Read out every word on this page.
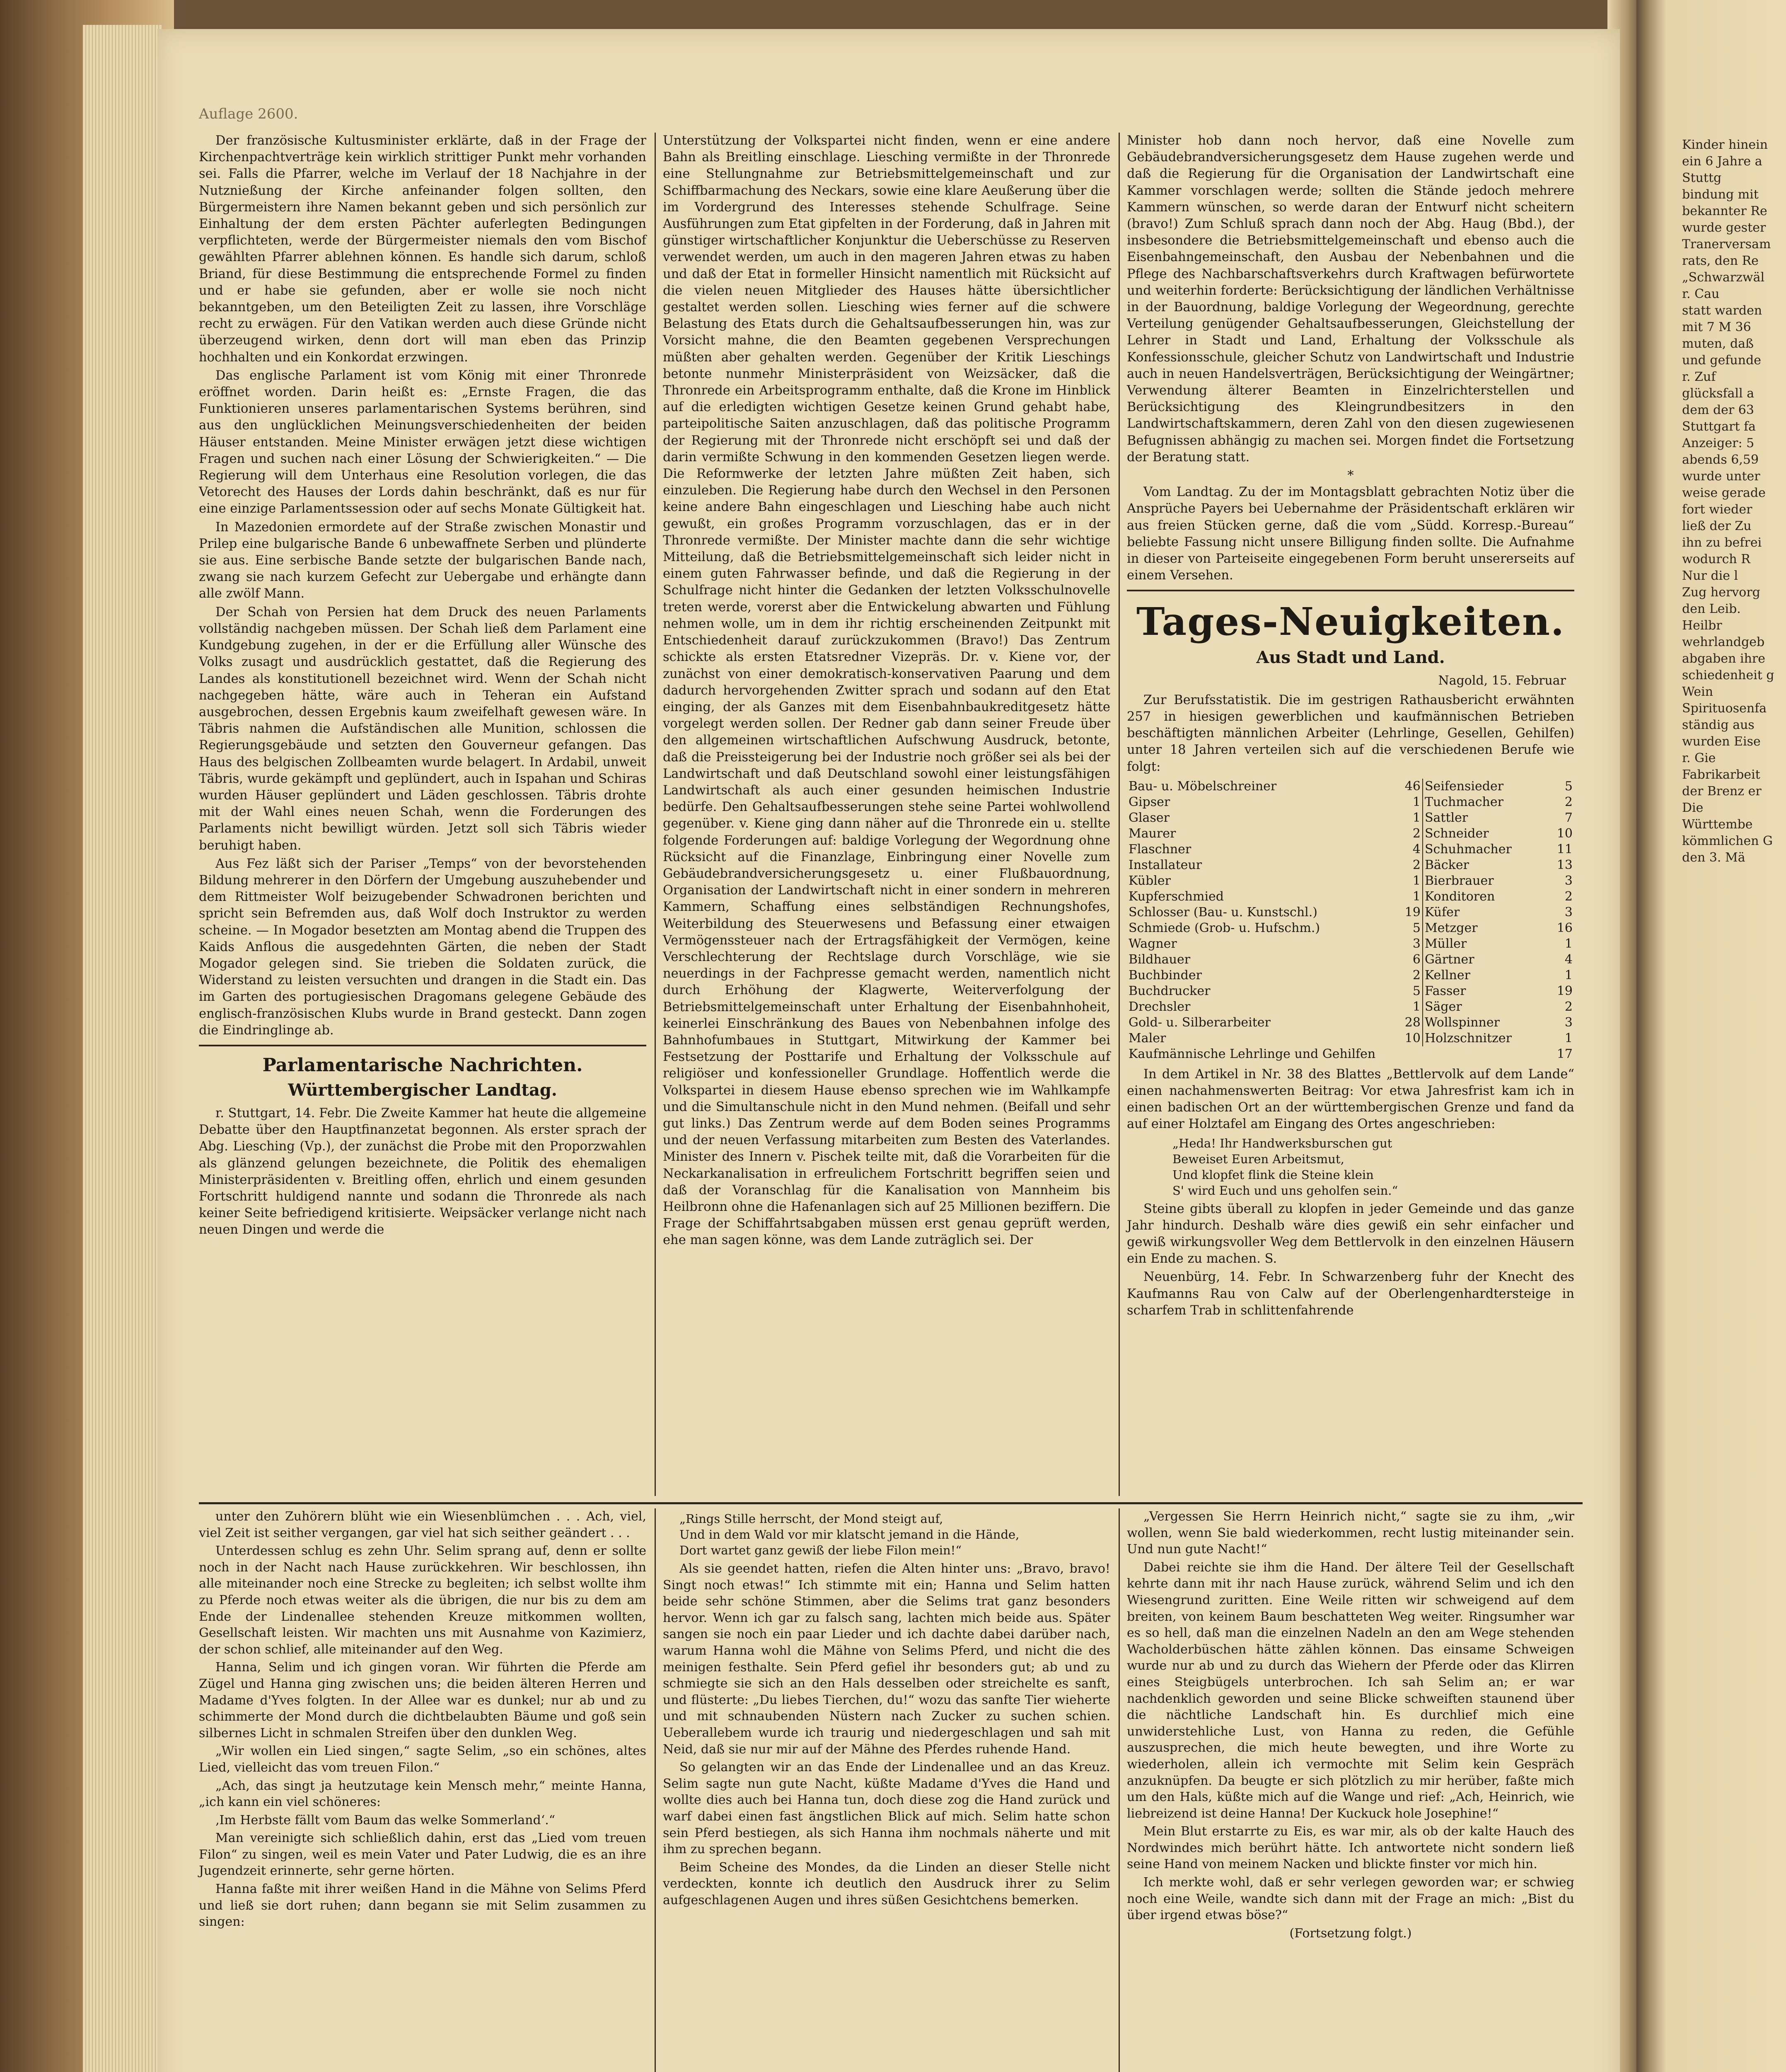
Kinder hinein
ein 6 Jahre a
Stuttg
bindung mit
bekannter Re
wurde gester
Tranerversam
rats, den Re
„Schwarzwäl
r. Cau
statt warden
mit 7 M 36
muten, daß
und gefunde
r. Zuf
glücksfall a
dem der 63
Stuttgart fa
Anzeiger: 5
abends 6,59
wurde unter
weise gerade
fort wieder
ließ der Zu
ihn zu befrei
wodurch R
Nur die l
Zug hervorg
den Leib.
Heilbr
wehrlandgeb
abgaben ihre
schiedenheit g
Wein
Spirituosenfa
ständig aus
wurden Eise
r. Gie
Fabrikarbeit
der Brenz er
Die
Württembe
kömmlichen G
den 3. Mä
Auflage 2600.

Der französische Kultusminister erklärte, daß in der Frage der Kirchenpachtverträge kein wirklich strittiger Punkt mehr vorhanden sei. Falls die Pfarrer, welche im Verlauf der 18 Nachjahre in der Nutznießung der Kirche anfeinander folgen sollten, den Bürgermeistern ihre Namen bekannt geben und sich persönlich zur Einhaltung der dem ersten Pächter auferlegten Bedingungen verpflichteten, werde der Bürgermeister niemals den vom Bischof gewählten Pfarrer ablehnen können. Es handle sich darum, schloß Briand, für diese Bestimmung die entsprechende Formel zu finden und er habe sie gefunden, aber er wolle sie noch nicht bekanntgeben, um den Beteiligten Zeit zu lassen, ihre Vorschläge recht zu erwägen. Für den Vatikan werden auch diese Gründe nicht überzeugend wirken, denn dort will man eben das Prinzip hochhalten und ein Konkordat erzwingen.

Das englische Parlament ist vom König mit einer Thronrede eröffnet worden. Darin heißt es: „Ernste Fragen, die das Funktionieren unseres parlamentarischen Systems berühren, sind aus den unglücklichen Meinungsverschiedenheiten der beiden Häuser entstanden. Meine Minister erwägen jetzt diese wichtigen Fragen und suchen nach einer Lösung der Schwierigkeiten.“ — Die Regierung will dem Unterhaus eine Resolution vorlegen, die das Vetorecht des Hauses der Lords dahin beschränkt, daß es nur für eine einzige Parlamentssession oder auf sechs Monate Gültigkeit hat.

In Mazedonien ermordete auf der Straße zwischen Monastir und Prilep eine bulgarische Bande 6 unbewaffnete Serben und plünderte sie aus. Eine serbische Bande setzte der bulgarischen Bande nach, zwang sie nach kurzem Gefecht zur Uebergabe und erhängte dann alle zwölf Mann.

Der Schah von Persien hat dem Druck des neuen Parlaments vollständig nachgeben müssen. Der Schah ließ dem Parlament eine Kundgebung zugehen, in der er die Erfüllung aller Wünsche des Volks zusagt und ausdrücklich gestattet, daß die Regierung des Landes als konstitutionell bezeichnet wird. Wenn der Schah nicht nachgegeben hätte, wäre auch in Teheran ein Aufstand ausgebrochen, dessen Ergebnis kaum zweifelhaft gewesen wäre. In Täbris nahmen die Aufständischen alle Munition, schlossen die Regierungsgebäude und setzten den Gouverneur gefangen. Das Haus des belgischen Zollbeamten wurde belagert. In Ardabil, unweit Täbris, wurde gekämpft und geplündert, auch in Ispahan und Schiras wurden Häuser geplündert und Läden geschlossen. Täbris drohte mit der Wahl eines neuen Schah, wenn die Forderungen des Parlaments nicht bewilligt würden. Jetzt soll sich Täbris wieder beruhigt haben.

Aus Fez läßt sich der Pariser „Temps“ von der bevorstehenden Bildung mehrerer in den Dörfern der Umgebung auszuhebender und dem Rittmeister Wolf beizugebender Schwadronen berichten und spricht sein Befremden aus, daß Wolf doch Instruktor zu werden scheine. — In Mogador besetzten am Montag abend die Truppen des Kaids Anflous die ausgedehnten Gärten, die neben der Stadt Mogador gelegen sind. Sie trieben die Soldaten zurück, die Widerstand zu leisten versuchten und drangen in die Stadt ein. Das im Garten des portugiesischen Dragomans gelegene Gebäude des englisch-französischen Klubs wurde in Brand gesteckt. Dann zogen die Eindringlinge ab.

Parlamentarische Nachrichten.
Württembergischer Landtag.

r. Stuttgart, 14. Febr. Die Zweite Kammer hat heute die allgemeine Debatte über den Hauptfinanzetat begonnen. Als erster sprach der Abg. Liesching (Vp.), der zunächst die Probe mit den Proporzwahlen als glänzend gelungen bezeichnete, die Politik des ehemaligen Ministerpräsidenten v. Breitling offen, ehrlich und einem gesunden Fortschritt huldigend nannte und sodann die Thronrede als nach keiner Seite befriedigend kritisierte. Weipsäcker verlange nicht nach neuen Dingen und werde die

Unterstützung der Volkspartei nicht finden, wenn er eine andere Bahn als Breitling einschlage. Liesching vermißte in der Thronrede eine Stellungnahme zur Betriebsmittelgemeinschaft und zur Schiffbarmachung des Neckars, sowie eine klare Aeußerung über die im Vordergrund des Interesses stehende Schulfrage. Seine Ausführungen zum Etat gipfelten in der Forderung, daß in Jahren mit günstiger wirtschaftlicher Konjunktur die Ueberschüsse zu Reserven verwendet werden, um auch in den mageren Jahren etwas zu haben und daß der Etat in formeller Hinsicht namentlich mit Rücksicht auf die vielen neuen Mitglieder des Hauses hätte übersichtlicher gestaltet werden sollen. Liesching wies ferner auf die schwere Belastung des Etats durch die Gehaltsaufbesserungen hin, was zur Vorsicht mahne, die den Beamten gegebenen Versprechungen müßten aber gehalten werden. Gegenüber der Kritik Lieschings betonte nunmehr Ministerpräsident von Weizsäcker, daß die Thronrede ein Arbeitsprogramm enthalte, daß die Krone im Hinblick auf die erledigten wichtigen Gesetze keinen Grund gehabt habe, parteipolitische Saiten anzuschlagen, daß das politische Programm der Regierung mit der Thronrede nicht erschöpft sei und daß der darin vermißte Schwung in den kommenden Gesetzen liegen werde. Die Reformwerke der letzten Jahre müßten Zeit haben, sich einzuleben. Die Regierung habe durch den Wechsel in den Personen keine andere Bahn eingeschlagen und Liesching habe auch nicht gewußt, ein großes Programm vorzuschlagen, das er in der Thronrede vermißte. Der Minister machte dann die sehr wichtige Mitteilung, daß die Betriebsmittelgemeinschaft sich leider nicht in einem guten Fahrwasser befinde, und daß die Regierung in der Schulfrage nicht hinter die Gedanken der letzten Volksschulnovelle treten werde, vorerst aber die Entwickelung abwarten und Fühlung nehmen wolle, um in dem ihr richtig erscheinenden Zeitpunkt mit Entschiedenheit darauf zurückzukommen (Bravo!) Das Zentrum schickte als ersten Etatsredner Vizepräs. Dr. v. Kiene vor, der zunächst von einer demokratisch-konservativen Paarung und dem dadurch hervorgehenden Zwitter sprach und sodann auf den Etat einging, der als Ganzes mit dem Eisenbahnbaukreditgesetz hätte vorgelegt werden sollen. Der Redner gab dann seiner Freude über den allgemeinen wirtschaftlichen Aufschwung Ausdruck, betonte, daß die Preissteigerung bei der Industrie noch größer sei als bei der Landwirtschaft und daß Deutschland sowohl einer leistungsfähigen Landwirtschaft als auch einer gesunden heimischen Industrie bedürfe. Den Gehaltsaufbesserungen stehe seine Partei wohlwollend gegenüber. v. Kiene ging dann näher auf die Thronrede ein u. stellte folgende Forderungen auf: baldige Vorlegung der Wegordnung ohne Rücksicht auf die Finanzlage, Einbringung einer Novelle zum Gebäudebrandversicherungsgesetz u. einer Flußbauordnung, Organisation der Landwirtschaft nicht in einer sondern in mehreren Kammern, Schaffung eines selbständigen Rechnungshofes, Weiterbildung des Steuerwesens und Befassung einer etwaigen Vermögenssteuer nach der Ertragsfähigkeit der Vermögen, keine Verschlechterung der Rechtslage durch Vorschläge, wie sie neuerdings in der Fachpresse gemacht werden, namentlich nicht durch Erhöhung der Klagwerte, Weiterverfolgung der Betriebsmittelgemeinschaft unter Erhaltung der Eisenbahnhoheit, keinerlei Einschränkung des Baues von Nebenbahnen infolge des Bahnhofumbaues in Stuttgart, Mitwirkung der Kammer bei Festsetzung der Posttarife und Erhaltung der Volksschule auf religiöser und konfessioneller Grundlage. Hoffentlich werde die Volkspartei in diesem Hause ebenso sprechen wie im Wahlkampfe und die Simultanschule nicht in den Mund nehmen. (Beifall und sehr gut links.) Das Zentrum werde auf dem Boden seines Programms und der neuen Verfassung mitarbeiten zum Besten des Vaterlandes. Minister des Innern v. Pischek teilte mit, daß die Vorarbeiten für die Neckarkanalisation in erfreulichem Fortschritt begriffen seien und daß der Voranschlag für die Kanalisation von Mannheim bis Heilbronn ohne die Hafenanlagen sich auf 25 Millionen beziffern. Die Frage der Schiffahrtsabgaben müssen erst genau geprüft werden, ehe man sagen könne, was dem Lande zuträglich sei. Der

Minister hob dann noch hervor, daß eine Novelle zum Gebäudebrandversicherungsgesetz dem Hause zugehen werde und daß die Regierung für die Organisation der Landwirtschaft eine Kammer vorschlagen werde; sollten die Stände jedoch mehrere Kammern wünschen, so werde daran der Entwurf nicht scheitern (bravo!) Zum Schluß sprach dann noch der Abg. Haug (Bbd.), der insbesondere die Betriebsmittelgemeinschaft und ebenso auch die Eisenbahngemeinschaft, den Ausbau der Nebenbahnen und die Pflege des Nachbarschaftsverkehrs durch Kraftwagen befürwortete und weiterhin forderte: Berücksichtigung der ländlichen Verhältnisse in der Bauordnung, baldige Vorlegung der Wegeordnung, gerechte Verteilung genügender Gehaltsaufbesserungen, Gleichstellung der Lehrer in Stadt und Land, Erhaltung der Volksschule als Konfessionsschule, gleicher Schutz von Landwirtschaft und Industrie auch in neuen Handelsverträgen, Berücksichtigung der Weingärtner; Verwendung älterer Beamten in Einzelrichterstellen und Berücksichtigung des Kleingrundbesitzers in den Landwirtschaftskammern, deren Zahl von den diesen zugewiesenen Befugnissen abhängig zu machen sei. Morgen findet die Fortsetzung der Beratung statt.

*

Vom Landtag. Zu der im Montagsblatt gebrachten Notiz über die Ansprüche Payers bei Uebernahme der Präsidentschaft erklären wir aus freien Stücken gerne, daß die vom „Südd. Korresp.-Bureau“ beliebte Fassung nicht unsere Billigung finden sollte. Die Aufnahme in dieser von Parteiseite eingegebenen Form beruht unsererseits auf einem Versehen.

Tages-Neuigkeiten.
Aus Stadt und Land.
Nagold, 15. Februar

Zur Berufsstatistik. Die im gestrigen Rathausbericht erwähnten 257 in hiesigen gewerblichen und kaufmännischen Betrieben beschäftigten männlichen Arbeiter (Lehrlinge, Gesellen, Gehilfen) unter 18 Jahren verteilen sich auf die verschiedenen Berufe wie folgt:

Bau- u. Möbelschreiner	46	Seifensieder	5
Gipser	1	Tuchmacher	2
Glaser	1	Sattler	7
Maurer	2	Schneider	10
Flaschner	4	Schuhmacher	11
Installateur	2	Bäcker	13
Kübler	1	Bierbrauer	3
Kupferschmied	1	Konditoren	2
Schlosser (Bau- u. Kunstschl.)	19	Küfer	3
Schmiede (Grob- u. Hufschm.)	5	Metzger	16
Wagner	3	Müller	1
Bildhauer	6	Gärtner	4
Buchbinder	2	Kellner	1
Buchdrucker	5	Fasser	19
Drechsler	1	Säger	2
Gold- u. Silberarbeiter	28	Wollspinner	3
Maler	10	Holzschnitzer	1
Kaufmännische Lehrlinge und Gehilfen			17

In dem Artikel in Nr. 38 des Blattes „Bettlervolk auf dem Lande“ einen nachahmenswerten Beitrag: Vor etwa Jahresfrist kam ich in einen badischen Ort an der württembergischen Grenze und fand da auf einer Holztafel am Eingang des Ortes angeschrieben:

„Heda! Ihr Handwerksburschen gut
Beweiset Euren Arbeitsmut,
Und klopfet flink die Steine klein
S' wird Euch und uns geholfen sein.“

Steine gibts überall zu klopfen in jeder Gemeinde und das ganze Jahr hindurch. Deshalb wäre dies gewiß ein sehr einfacher und gewiß wirkungsvoller Weg dem Bettlervolk in den einzelnen Häusern ein Ende zu machen. S.

Neuenbürg, 14. Febr. In Schwarzenberg fuhr der Knecht des Kaufmanns Rau von Calw auf der Oberlengenhardtersteige in scharfem Trab in schlittenfahrende

unter den Zuhörern blüht wie ein Wiesenblümchen . . . Ach, viel, viel Zeit ist seither vergangen, gar viel hat sich seither geändert . . .

Unterdessen schlug es zehn Uhr. Selim sprang auf, denn er sollte noch in der Nacht nach Hause zurückkehren. Wir beschlossen, ihn alle miteinander noch eine Strecke zu begleiten; ich selbst wollte ihm zu Pferde noch etwas weiter als die übrigen, die nur bis zu dem am Ende der Lindenallee stehenden Kreuze mitkommen wollten, Gesellschaft leisten. Wir machten uns mit Ausnahme von Kazimierz, der schon schlief, alle miteinander auf den Weg.

Hanna, Selim und ich gingen voran. Wir führten die Pferde am Zügel und Hanna ging zwischen uns; die beiden älteren Herren und Madame d'Yves folgten. In der Allee war es dunkel; nur ab und zu schimmerte der Mond durch die dichtbelaubten Bäume und goß sein silbernes Licht in schmalen Streifen über den dunklen Weg.

„Wir wollen ein Lied singen,“ sagte Selim, „so ein schönes, altes Lied, vielleicht das vom treuen Filon.“

„Ach, das singt ja heutzutage kein Mensch mehr,“ meinte Hanna, „ich kann ein viel schöneres:

‚Im Herbste fällt vom Baum das welke Sommerland‘.“

Man vereinigte sich schließlich dahin, erst das „Lied vom treuen Filon“ zu singen, weil es mein Vater und Pater Ludwig, die es an ihre Jugendzeit erinnerte, sehr gerne hörten.

Hanna faßte mit ihrer weißen Hand in die Mähne von Selims Pferd und ließ sie dort ruhen; dann begann sie mit Selim zusammen zu singen:

„Rings Stille herrscht, der Mond steigt auf,
Und in dem Wald vor mir klatscht jemand in die Hände,
Dort wartet ganz gewiß der liebe Filon mein!“

Als sie geendet hatten, riefen die Alten hinter uns: „Bravo, bravo! Singt noch etwas!“ Ich stimmte mit ein; Hanna und Selim hatten beide sehr schöne Stimmen, aber die Selims trat ganz besonders hervor. Wenn ich gar zu falsch sang, lachten mich beide aus. Später sangen sie noch ein paar Lieder und ich dachte dabei darüber nach, warum Hanna wohl die Mähne von Selims Pferd, und nicht die des meinigen festhalte. Sein Pferd gefiel ihr besonders gut; ab und zu schmiegte sie sich an den Hals desselben oder streichelte es sanft, und flüsterte: „Du liebes Tierchen, du!“ wozu das sanfte Tier wieherte und mit schnaubenden Nüstern nach Zucker zu suchen schien. Ueberallebem wurde ich traurig und niedergeschlagen und sah mit Neid, daß sie nur mir auf der Mähne des Pferdes ruhende Hand.

So gelangten wir an das Ende der Lindenallee und an das Kreuz. Selim sagte nun gute Nacht, küßte Madame d'Yves die Hand und wollte dies auch bei Hanna tun, doch diese zog die Hand zurück und warf dabei einen fast ängstlichen Blick auf mich. Selim hatte schon sein Pferd bestiegen, als sich Hanna ihm nochmals näherte und mit ihm zu sprechen begann.

Beim Scheine des Mondes, da die Linden an dieser Stelle nicht verdeckten, konnte ich deutlich den Ausdruck ihrer zu Selim aufgeschlagenen Augen und ihres süßen Gesichtchens bemerken.

„Vergessen Sie Herrn Heinrich nicht,“ sagte sie zu ihm, „wir wollen, wenn Sie bald wiederkommen, recht lustig miteinander sein. Und nun gute Nacht!“

Dabei reichte sie ihm die Hand. Der ältere Teil der Gesellschaft kehrte dann mit ihr nach Hause zurück, während Selim und ich den Wiesengrund zuritten. Eine Weile ritten wir schweigend auf dem breiten, von keinem Baum beschatteten Weg weiter. Ringsumher war es so hell, daß man die einzelnen Nadeln an den am Wege stehenden Wacholderbüschen hätte zählen können. Das einsame Schweigen wurde nur ab und zu durch das Wiehern der Pferde oder das Klirren eines Steigbügels unterbrochen. Ich sah Selim an; er war nachdenklich geworden und seine Blicke schweiften staunend über die nächtliche Landschaft hin. Es durchlief mich eine unwiderstehliche Lust, von Hanna zu reden, die Gefühle auszusprechen, die mich heute bewegten, und ihre Worte zu wiederholen, allein ich vermochte mit Selim kein Gespräch anzuknüpfen. Da beugte er sich plötzlich zu mir herüber, faßte mich um den Hals, küßte mich auf die Wange und rief: „Ach, Heinrich, wie liebreizend ist deine Hanna! Der Kuckuck hole Josephine!“

Mein Blut erstarrte zu Eis, es war mir, als ob der kalte Hauch des Nordwindes mich berührt hätte. Ich antwortete nicht sondern ließ seine Hand von meinem Nacken und blickte finster vor mich hin.

Ich merkte wohl, daß er sehr verlegen geworden war; er schwieg noch eine Weile, wandte sich dann mit der Frage an mich: „Bist du über irgend etwas böse?“

(Fortsetzung folgt.)
